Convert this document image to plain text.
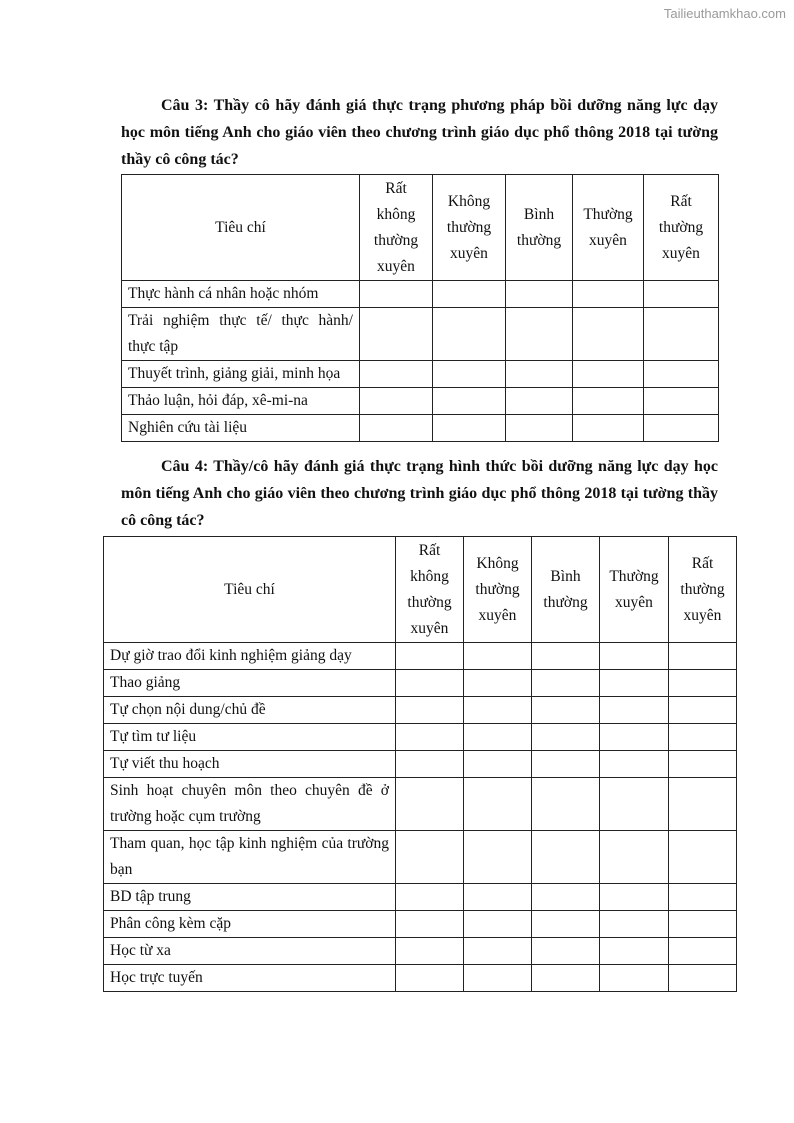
Tailieuthamkhao.com

Câu 3: Thầy cô hãy đánh giá thực trạng phương pháp bồi dưỡng năng lực dạy học môn tiếng Anh cho giáo viên theo chương trình giáo dục phổ thông 2018 tại tường thầy cô công tác?

Tiêu chí	Rất không thường xuyên	Không thường xuyên	Bình thường	Thường xuyên	Rất thường xuyên
Thực hành cá nhân hoặc nhóm					
Trải nghiệm thực tế/ thực hành/ thực tập					
Thuyết trình, giảng giải, minh họa					
Thảo luận, hỏi đáp, xê-mi-na					
Nghiên cứu tài liệu					

Câu 4: Thầy/cô hãy đánh giá thực trạng hình thức bồi dưỡng năng lực dạy học môn tiếng Anh cho giáo viên theo chương trình giáo dục phổ thông 2018 tại tường thầy cô công tác?

Tiêu chí	Rất không thường xuyên	Không thường xuyên	Bình thường	Thường xuyên	Rất thường xuyên
Dự giờ trao đổi kinh nghiệm giảng dạy					
Thao giảng					
Tự chọn nội dung/chủ đề					
Tự tìm tư liệu					
Tự viết thu hoạch					
Sinh hoạt chuyên môn theo chuyên đề ở trường hoặc cụm trường					
Tham quan, học tập kinh nghiệm của trường bạn					
BD tập trung					
Phân công kèm cặp					
Học từ xa					
Học trực tuyến					
